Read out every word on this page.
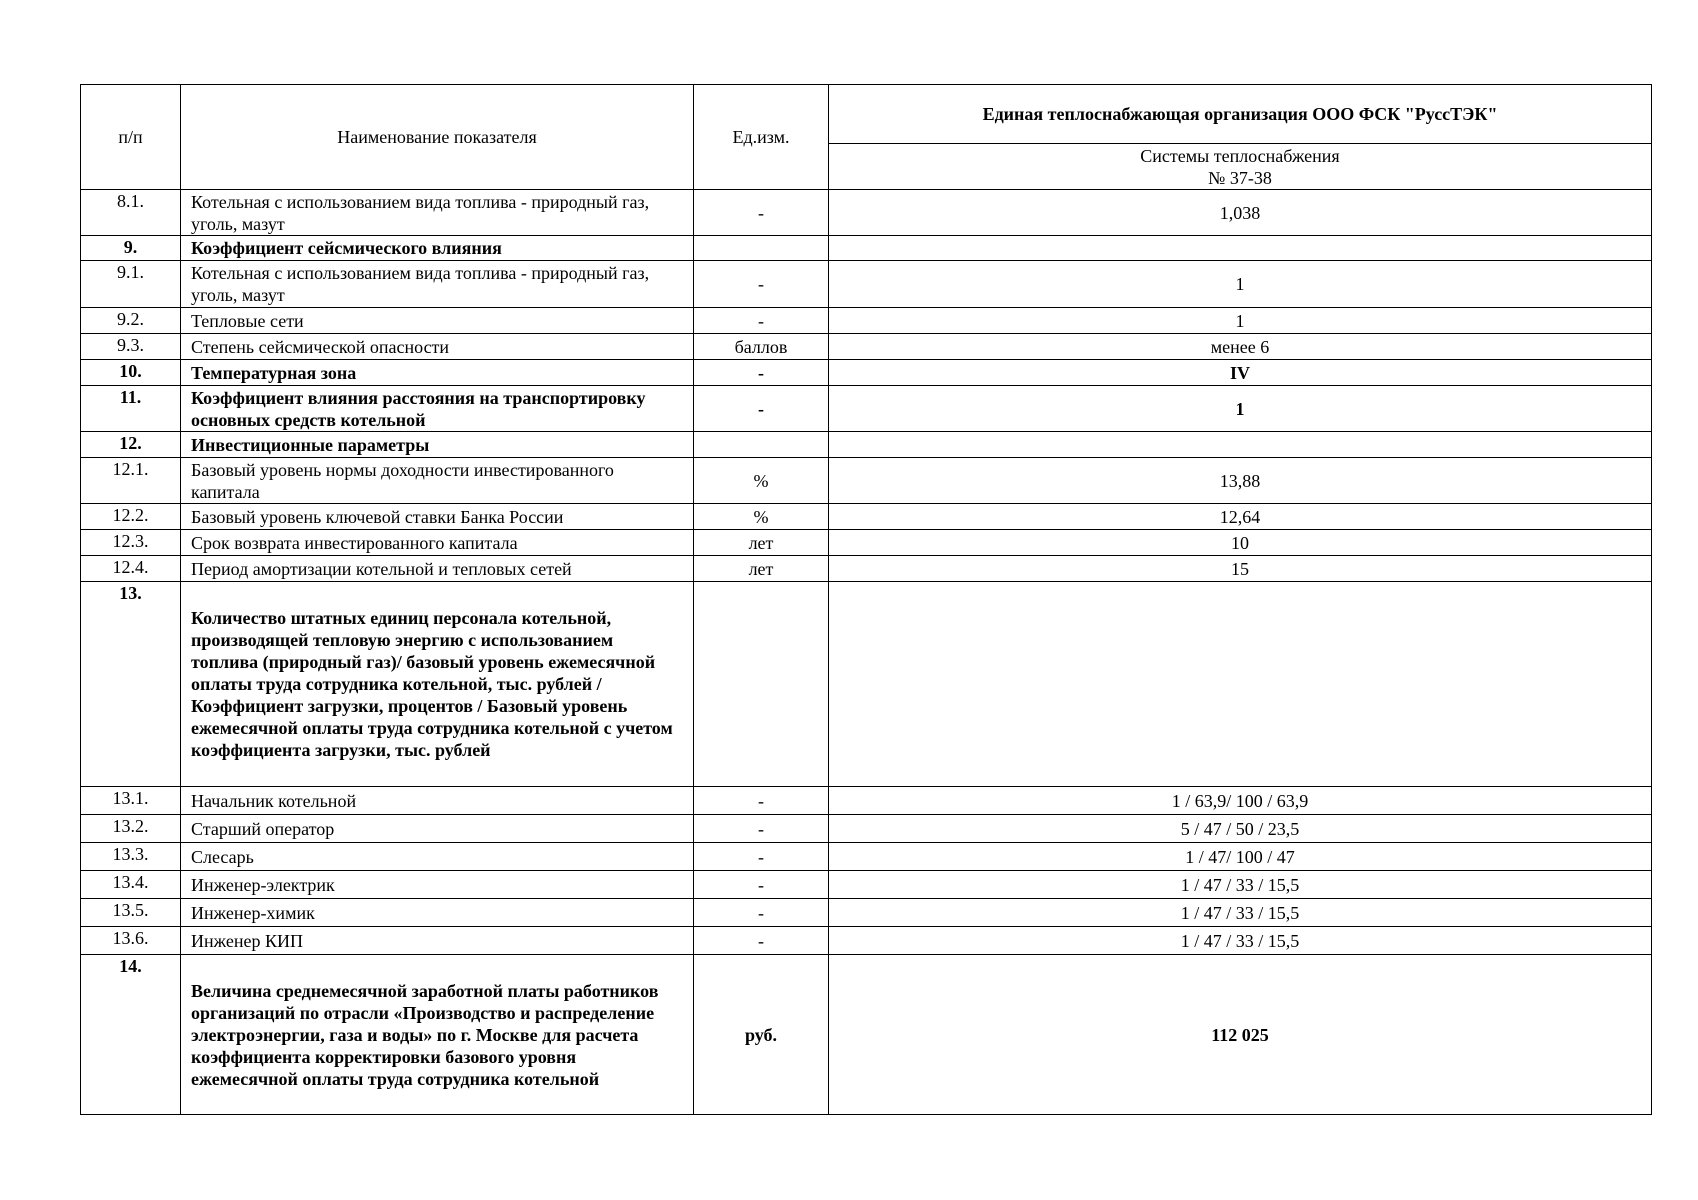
п/п	Наименование показателя	Ед.изм.	Единая теплоснабжающая организация ООО ФСК "РуссТЭК"
			Системы теплоснабжения
№ 37-38
8.1.	Котельная с использованием вида топлива - природный газ, уголь, мазут	-	1,038
9.	Коэффициент сейсмического влияния		
9.1.	Котельная с использованием вида топлива - природный газ, уголь, мазут	-	1
9.2.	Тепловые сети	-	1
9.3.	Степень сейсмической опасности	баллов	менее 6
10.	Температурная зона	-	IV
11.	Коэффициент влияния расстояния на транспортировку основных средств котельной	-	1
12.	Инвестиционные параметры		
12.1.	Базовый уровень нормы доходности инвестированного капитала	%	13,88
12.2.	Базовый уровень ключевой ставки Банка России	%	12,64
12.3.	Срок возврата инвестированного капитала	лет	10
12.4.	Период амортизации котельной и тепловых сетей	лет	15
13.	Количество штатных единиц персонала котельной, производящей тепловую энергию с использованием топлива (природный газ)/ базовый уровень ежемесячной оплаты труда сотрудника котельной, тыс. рублей / Коэффициент загрузки, процентов / Базовый уровень ежемесячной оплаты труда сотрудника котельной с учетом коэффициента загрузки, тыс. рублей		
13.1.	Начальник котельной	-	1 / 63,9/ 100 / 63,9
13.2.	Старший оператор	-	5 / 47 / 50 / 23,5
13.3.	Слесарь	-	1 / 47/ 100 / 47
13.4.	Инженер-электрик	-	1 / 47 / 33 / 15,5
13.5.	Инженер-химик	-	1 / 47 / 33 / 15,5
13.6.	Инженер КИП	-	1 / 47 / 33 / 15,5
14.	Величина среднемесячной заработной платы работников организаций по отрасли «Производство и распределение электроэнергии, газа и воды» по г. Москве для расчета коэффициента корректировки базового уровня ежемесячной оплаты труда сотрудника котельной	руб.	112 025
